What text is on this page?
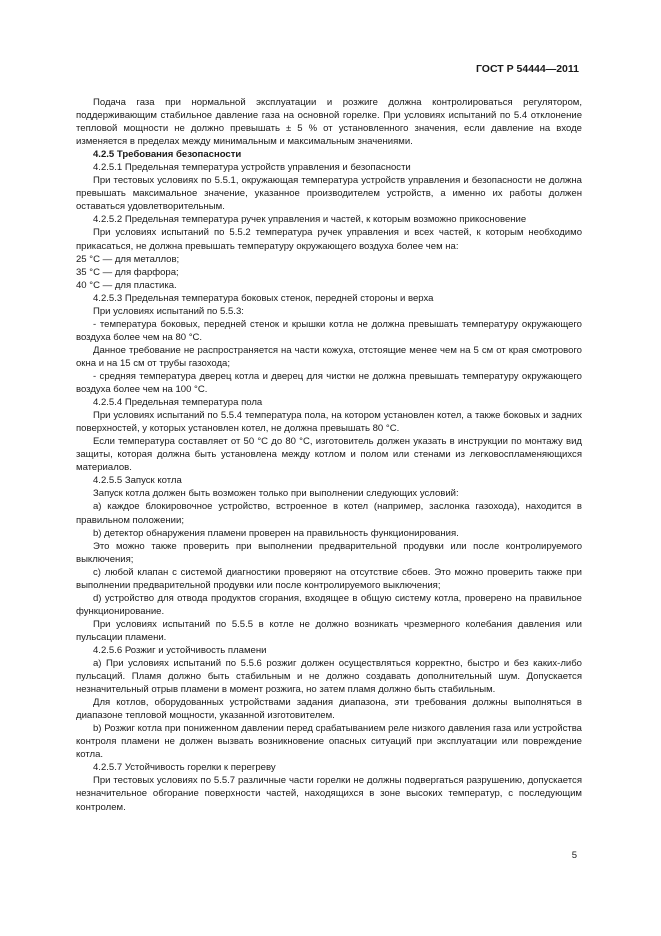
ГОСТ Р 54444—2011

Подача газа при нормальной эксплуатации и розжиге должна контролироваться регулятором, поддерживающим стабильное давление газа на основной горелке. При условиях испытаний по 5.4 отклонение тепловой мощности не должно превышать ± 5 % от установленного значения, если давление на входе изменяется в пределах между минимальным и максимальным значениями.

4.2.5 Требования безопасности

4.2.5.1 Предельная температура устройств управления и безопасности

При тестовых условиях по 5.5.1, окружающая температура устройств управления и безопасности не должна превышать максимальное значение, указанное производителем устройств, а именно их работы должен оставаться удовлетворительным.

4.2.5.2 Предельная температура ручек управления и частей, к которым возможно прикосновение

При условиях испытаний по 5.5.2 температура ручек управления и всех частей, к которым необходимо прикасаться, не должна превышать температуру окружающего воздуха более чем на:

25 °С — для металлов;

35 °С — для фарфора;

40 °С — для пластика.

4.2.5.3 Предельная температура боковых стенок, передней стороны и верха

При условиях испытаний по 5.5.3:

- температура боковых, передней стенок и крышки котла не должна превышать температуру окружающего воздуха более чем на 80 °С.

Данное требование не распространяется на части кожуха, отстоящие менее чем на 5 см от края смотрового окна и на 15 см от трубы газохода;

- средняя температура дверец котла и дверец для чистки не должна превышать температуру окружающего воздуха более чем на 100 °С.

4.2.5.4 Предельная температура пола

При условиях испытаний по 5.5.4 температура пола, на котором установлен котел, а также боковых и задних поверхностей, у которых установлен котел, не должна превышать 80 °С.

Если температура составляет от 50 °С до 80 °С, изготовитель должен указать в инструкции по монтажу вид защиты, которая должна быть установлена между котлом и полом или стенами из легковоспламеняющихся материалов.

4.2.5.5 Запуск котла

Запуск котла должен быть возможен только при выполнении следующих условий:

a) каждое блокировочное устройство, встроенное в котел (например, заслонка газохода), находится в правильном положении;

b) детектор обнаружения пламени проверен на правильность функционирования.

Это можно также проверить при выполнении предварительной продувки или после контролируемого выключения;

c) любой клапан с системой диагностики проверяют на отсутствие сбоев. Это можно проверить также при выполнении предварительной продувки или после контролируемого выключения;

d) устройство для отвода продуктов сгорания, входящее в общую систему котла, проверено на правильное функционирование.

При условиях испытаний по 5.5.5 в котле не должно возникать чрезмерного колебания давления или пульсации пламени.

4.2.5.6 Розжиг и устойчивость пламени

a) При условиях испытаний по 5.5.6 розжиг должен осуществляться корректно, быстро и без каких-либо пульсаций. Пламя должно быть стабильным и не должно создавать дополнительный шум. Допускается незначительный отрыв пламени в момент розжига, но затем пламя должно быть стабильным.

Для котлов, оборудованных устройствами задания диапазона, эти требования должны выполняться в диапазоне тепловой мощности, указанной изготовителем.

b) Розжиг котла при пониженном давлении перед срабатыванием реле низкого давления газа или устройства контроля пламени не должен вызвать возникновение опасных ситуаций при эксплуатации или повреждение котла.

4.2.5.7 Устойчивость горелки к перегреву

При тестовых условиях по 5.5.7 различные части горелки не должны подвергаться разрушению, допускается незначительное обгорание поверхности частей, находящихся в зоне высоких температур, с последующим контролем.

5
